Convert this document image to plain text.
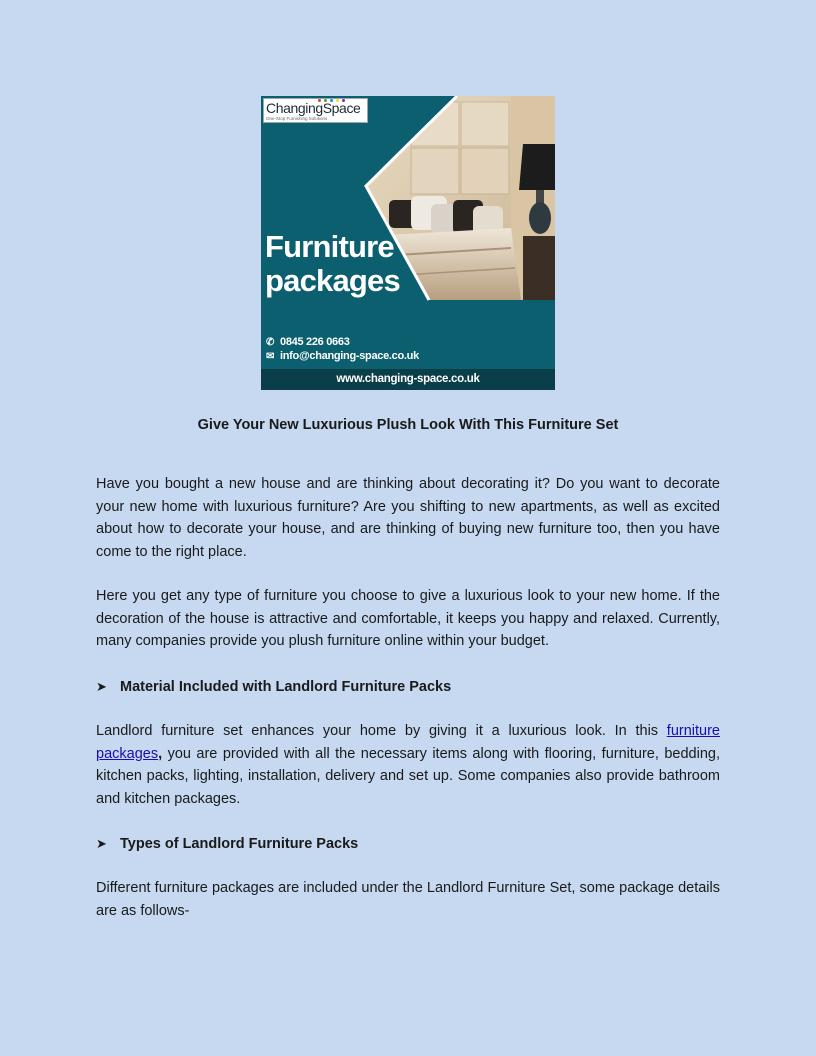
ChangingSpace
One-Stop Furnishing Solutions
Furniture
packages
✆ 0845 226 0663
✉ info@changing-space.co.uk
www.changing-space.co.uk

Give Your New Luxurious Plush Look With This Furniture Set

Have you bought a new house and are thinking about decorating it? Do you want to decorate your new home with luxurious furniture? Are you shifting to new apartments, as well as excited about how to decorate your house, and are thinking of buying new furniture too, then you have come to the right place.

Here you get any type of furniture you choose to give a luxurious look to your new home. If the decoration of the house is attractive and comfortable, it keeps you happy and relaxed. Currently, many companies provide you plush furniture online within your budget.

➤ Material Included with Landlord Furniture Packs

Landlord furniture set enhances your home by giving it a luxurious look. In this furniture packages, you are provided with all the necessary items along with flooring, furniture, bedding, kitchen packs, lighting, installation, delivery and set up. Some companies also provide bathroom and kitchen packages.

➤ Types of Landlord Furniture Packs

Different furniture packages are included under the Landlord Furniture Set, some package details are as follows-
